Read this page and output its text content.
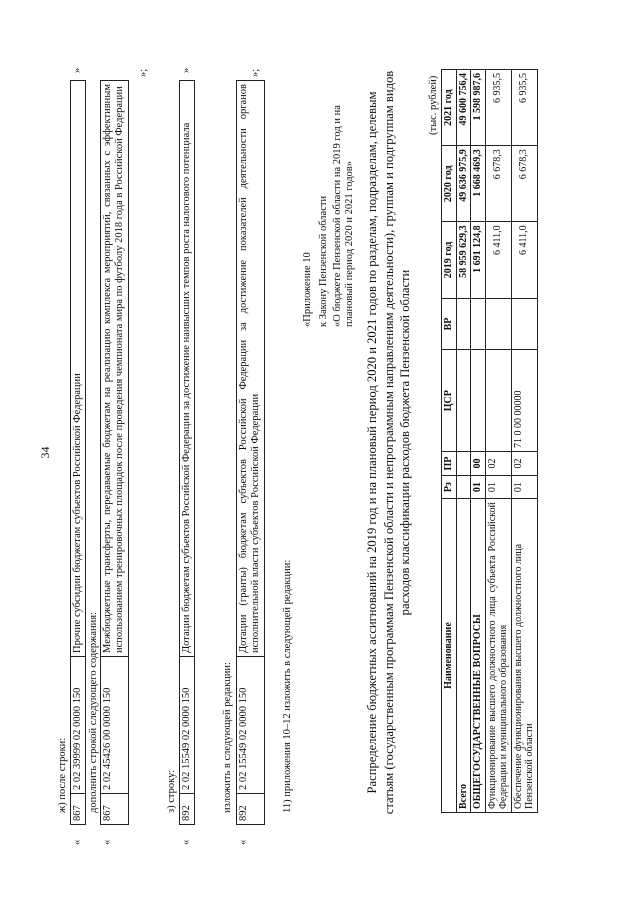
34
ж) после строки:
«
867	2 02 39999 02 0000 150	Прочие субсидии бюджетам субъектов Российской Федерации
»
дополнить строкой следующего содержания:
«
867	2 02 45426 00 0000 150	Межбюджетные трансферты, передаваемые бюджетам на реализацию комплекса мероприятий, связанных с эффективным использованием тренировочных площадок после проведения чемпионата мира по футболу 2018 года в Российской Федерации
»;
з) строку:
«
892	2 02 15549 02 0000 150	Дотации бюджетам субъектов Российской Федерации за достижение наивысших темпов роста налогового потенциала
»
изложить в следующей редакции:
«
892	2 02 15549 02 0000 150	Дотации (гранты) бюджетам субъектов Российской Федерации за достижение показателей деятельности органов исполнительной власти субъектов Российской Федерации
»;
11) приложения 10–12 изложить в следующей редакции:
«Приложение 10 к Закону Пензенской области «О бюджете Пензенской области на 2019 год и на плановый период 2020 и 2021 годов» Распределение бюджетных ассигнований на 2019 год и на плановый период 2020 и 2021 годов по разделам, подразделам, целевым статьям (государственным программам Пензенской области и непрограммным направлениям деятельности), группам и подгруппам видов расходов классификации расходов бюджета Пензенской области
(тыс. рублей)
Наименование	Рз	ПР	ЦСР	ВР	2019 год	2020 год	2021 год
Всего					58 959 629,3	49 636 975,9	49 600 756,4
ОБЩЕГОСУДАРСТВЕННЫЕ ВОПРОСЫ	01	00			1 691 124,8	1 668 469,3	1 598 987,6
Функционирование высшего должностного лица субъекта Российской Федерации и муниципального образования	01	02			6 411,0	6 678,3	6 935,5
Обеспечение функционирования высшего должностного лица Пензенской области	01	02	71 0 00 00000		6 411,0	6 678,3	6 935,5
